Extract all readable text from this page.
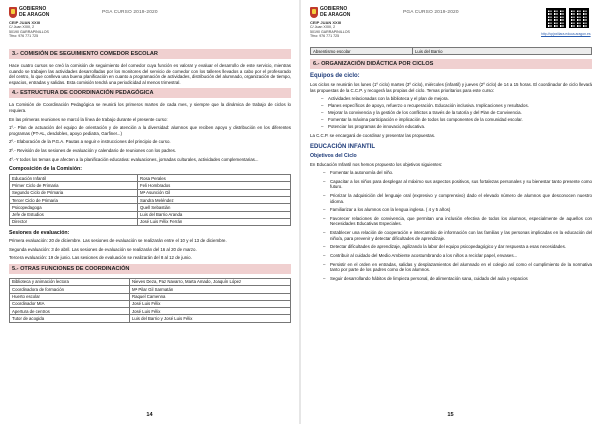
GOBIERNO
DE ARAGON
CEIP JUAN XXIII
C/ Juan XXIII, 2
50190 GARRAPINILLOS
Tfno: 976 771 725
PGA CURSO 2019-2020
3.- COMISIÓN DE SEGUIMIENTO COMEDOR ESCOLAR

Hace cuatro cursos se creó la comisión de seguimiento del comedor cuya función es valorar y evaluar el desarrollo de este servicio, mientras cuando se trabajen las actividades desarrolladas por los monitores del servicio de comedor con los talleres llevados a cabo por el profesorado del centro, lo que conlleva una buena planificación en cuanto a programación de actividades, distribución del alumnado, organización de tiempo, espacios, entradas y salidas. Esta comisión tendrá una periodicidad al menos trimestral.

4.- ESTRUCTURA DE COORDINACIÓN PEDAGÓGICA

La Comisión de Coordinación Pedagógica se reunirá los primeros martes de cada mes, y siempre que la dinámica de trabajo de ciclos lo requiera.

En las primeras reuniones se marcó la línea de trabajo durante el presente curso:

1º.- Plan de actuación del equipo de orientación y de atención a la diversidad: alumnos que reciben apoyo y distribución en los diferentes programas (PT-AL, desdobles, apoyo pediatra, Garfiner...)

2º.- Elaboración de la P.G.A. Pautas a seguir e instrucciones del principio de curso.

3º.- Revisión de las sesiones de evaluación y calendario de reuniones con los padres.

4º.-Y todos los temas que afecten a la planificación educativa: evaluaciones, jornadas culturales, actividades complementarias...

Composición de la Comisión:
Educación Infantil	Rosa Perales
Primer Ciclo de Primaria	Feli Hombrados
Segundo Ciclo de Primaria	Mª Asunción Gil
Tercer Ciclo de Primaria	Sandra Meléndez
Psicopedagoga	Quell Sebastián
Jefe de Estudios	Luis del Barrio Aranda
Director	José Luis Félix Ferrán
Sesiones de evaluación:

Primera evaluación: 20 de diciembre. Las sesiones de evaluación se realizarán entre el 10 y el 13 de diciembre.

Segunda evaluación: 3 de abril. Las sesiones de evaluación se realizarán del 16 al 20 de marzo.

Tercera evaluación: 19 de junio. Las sesiones de evaluación se realizarán del 8 al 12 de junio.

5.- OTRAS FUNCIONES DE COORDINACIÓN
Biblioteca y animación lectora	Nieves Deza, Paz Navarro, Marta Amado, Joaquín López
Coordinadora de formación	Mª Pilar Gil Sarmatán
Huerto escolar	Raquel Camenna
Coordinador MIA	José Luis Félix
Apertura de centros	José Luis Félix
Tutor de acogida	Luis del Barrio y José Luis Félix
14
GOBIERNO
DE ARAGON
CEIP JUAN XXIII
C/ Juan XXIII, 2
50190 GARRAPINILLOS
Tfno: 976 771 725
PGA CURSO 2019-2020
http://cpjxxiiiara.educa.aragon.es
Absentismo escolar	Luis del Barrio
6.- ORGANIZACIÓN DIDÁCTICA POR CICLOS
Equipos de ciclo:

Los ciclos se reunirán los lunes (1º ciclo) martes (3º ciclo), miércoles (infantil) y jueves (2º ciclo) de 14 a 15 horas. El coordinador de ciclo llevará las propuestas de la C.C.P. y recogerá las propias del ciclo. Temas prioritarios para este curso:

– Actividades relacionadas con la biblioteca y el plan de mejora.
– Planes específicos de apoyo, refuerzo o recuperación. Educación inclusiva. Implicaciones y resultados.
– Mejorar la convivencia y la gestión de los conflictos a través de la tutoría y del Plan de Convivencia.
– Fomentar la máxima participación e implicación de todos los componentes de la comunidad escolar.
– Potenciar los programas de innovación educativa.

La C.C.P. se encargará de coordinar y presentar las propuestas.

EDUCACIÓN INFANTIL
Objetivos del Ciclo

En Educación Infantil nos hemos propuesto los objetivos siguientes:

– Fomentar la autonomía del niño.
– Capacitar a los niños para desplegar al máximo sus aspectos positivos, sus fortalezas personales y su bienestar tanto presente como futuro.
– Priorizar la adquisición del lenguaje oral (expresivo y comprensivo) dado el elevado número de alumnos que desconocen nuestro idioma.
– Familiarizar a los alumnos con la lengua inglesa. ( 4 y 5 años)
– Favorecer relaciones de convivencia, que permitan una inclusión efectiva de todos los alumnos, especialmente de aquellos con Necesidades Educativas Especiales.
– Establecer una relación de cooperación e intercambio de información con las familias y las personas implicadas en la educación del niño/a, para prevenir y detectar dificultades de aprendizaje.
– Detectar dificultades de aprendizaje, agilizando la labor del equipo psicopedagógico y dar respuesta a esas necesidades.
– Contribuir al cuidado del Medio Ambiente acostumbrando a los niños a reciclar papel, envases...
– Persistir en el orden en entradas, salidas y desplazamientos del alumnado en el colegio así como el cumplimiento de la normativa tanto por parte de los padres como de los alumnos.
– Seguir desarrollando hábitos de limpieza personal, de alimentación sana, cuidado del aula y espacios
15
